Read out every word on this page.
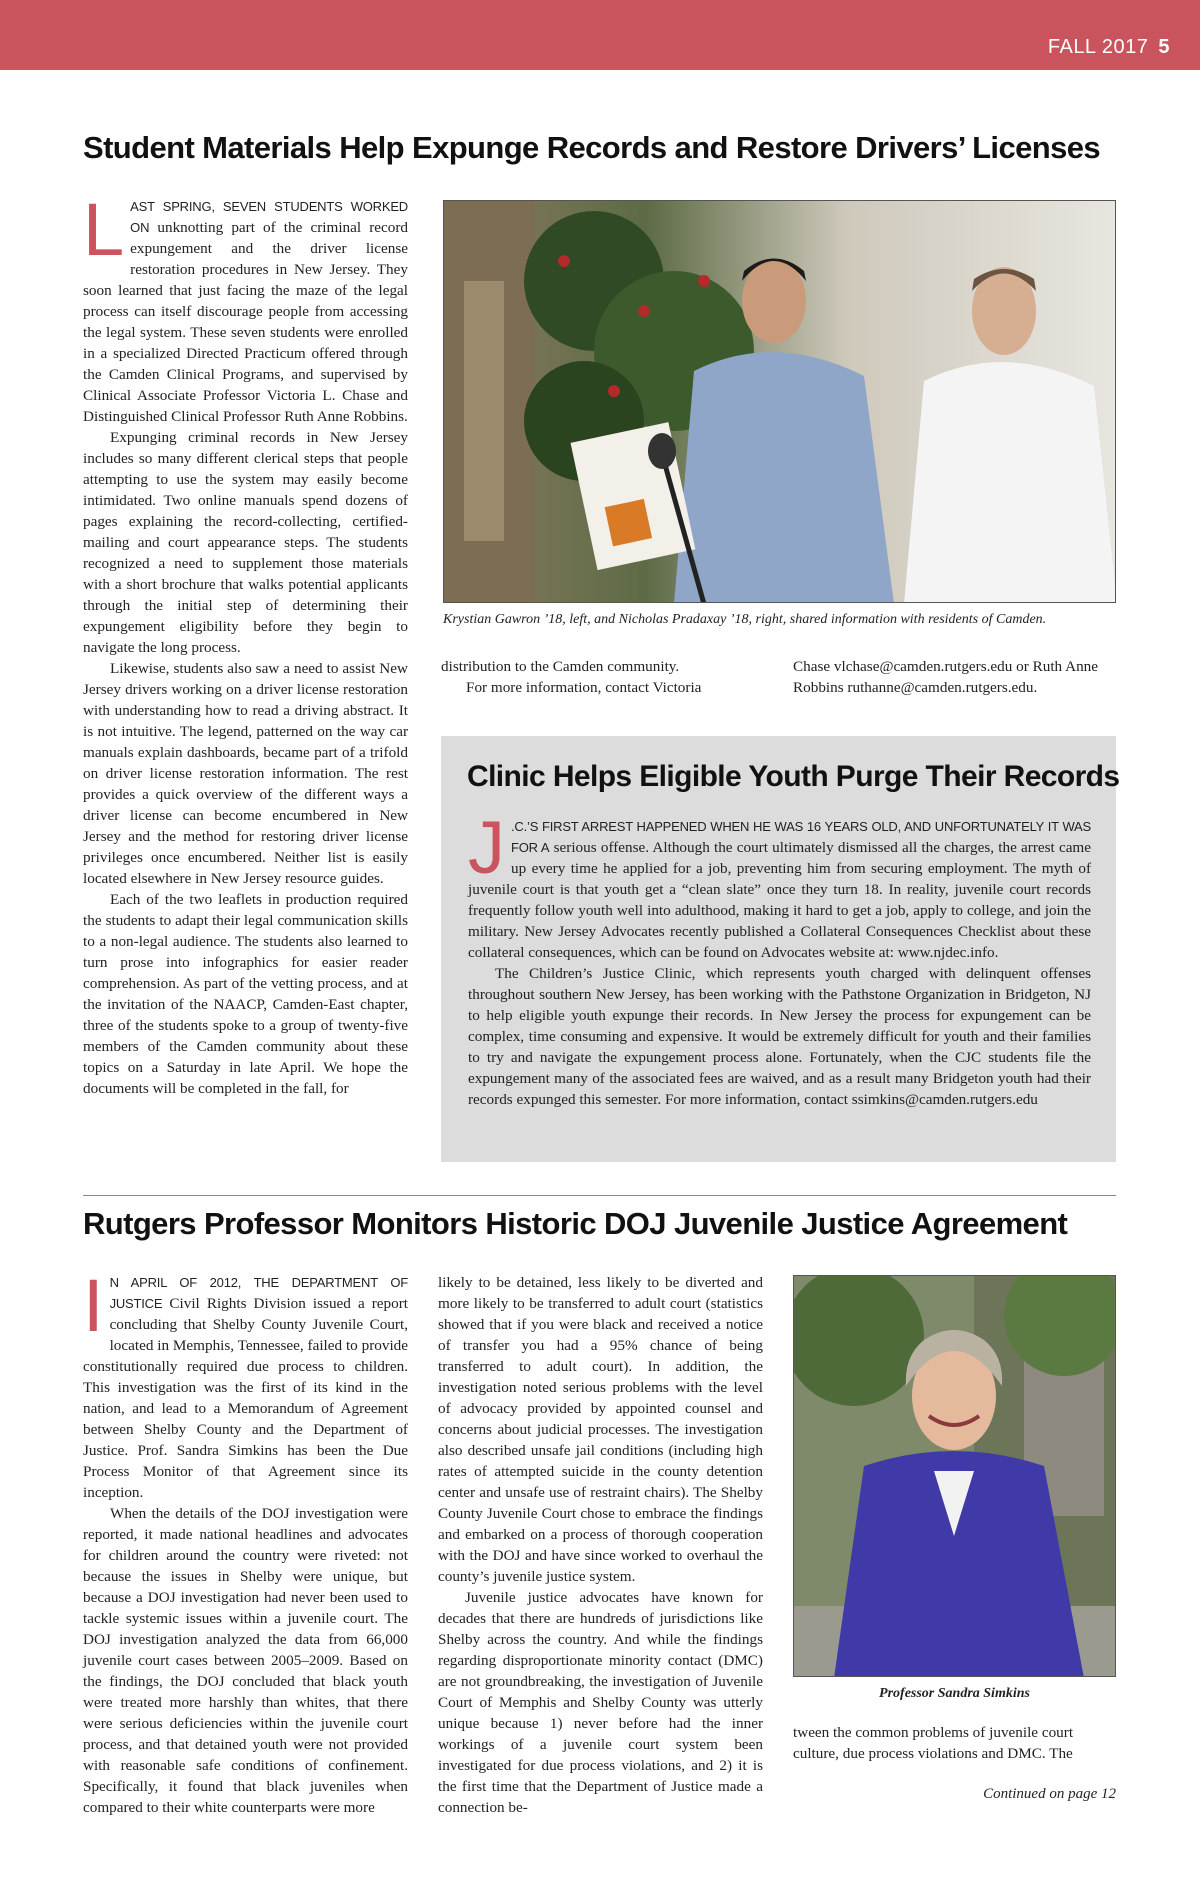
FALL 2017 5
Student Materials Help Expunge Records and Restore Drivers’ Licenses

LAST SPRING, SEVEN STUDENTS WORKED ON unknotting part of the criminal record expungement and the driver license restoration procedures in New Jersey. They soon learned that just facing the maze of the legal process can itself discourage people from accessing the legal system. These seven students were enrolled in a specialized Directed Practicum offered through the Camden Clinical Programs, and supervised by Clinical Associate Professor Victoria L. Chase and Distinguished Clinical Professor Ruth Anne Robbins.

Expunging criminal records in New Jersey includes so many different clerical steps that people attempting to use the system may easily become intimidated. Two online manuals spend dozens of pages explaining the record-collecting, certified-mailing and court appearance steps. The students recognized a need to supplement those materials with a short brochure that walks potential applicants through the initial step of determining their expungement eligibility before they begin to navigate the long process.

Likewise, students also saw a need to assist New Jersey drivers working on a driver license restoration with understanding how to read a driving abstract. It is not intuitive. The legend, patterned on the way car manuals explain dashboards, became part of a trifold on driver license restoration information. The rest provides a quick overview of the different ways a driver license can become encumbered in New Jersey and the method for restoring driver license privileges once encumbered. Neither list is easily located elsewhere in New Jersey resource guides.

Each of the two leaflets in production required the students to adapt their legal communication skills to a non-legal audience. The students also learned to turn prose into infographics for easier reader comprehension. As part of the vetting process, and at the invitation of the NAACP, Camden-East chapter, three of the students spoke to a group of twenty-five members of the Camden community about these topics on a Saturday in late April. We hope the documents will be completed in the fall, for

Krystian Gawron ’18, left, and Nicholas Pradaxay ’18, right, shared information with residents of Camden.

distribution to the Camden community.

For more information, contact Victoria

Chase vlchase@camden.rutgers.edu or Ruth Anne Robbins ruthanne@camden.rutgers.edu.

Clinic Helps Eligible Youth Purge Their Records

J .C.’S FIRST ARREST HAPPENED WHEN HE WAS 16 YEARS OLD, AND UNFORTUNATELY IT WAS FOR A serious offense. Although the court ultimately dismissed all the charges, the arrest came up every time he applied for a job, preventing him from securing employment. The myth of juvenile court is that youth get a “clean slate” once they turn 18. In reality, juvenile court records frequently follow youth well into adulthood, making it hard to get a job, apply to college, and join the military. New Jersey Advocates recently published a Collateral Consequences Checklist about these collateral consequences, which can be found on Advocates website at: www.njdec.info.

The Children’s Justice Clinic, which represents youth charged with delinquent offenses throughout southern New Jersey, has been working with the Pathstone Organization in Bridgeton, NJ to help eligible youth expunge their records. In New Jersey the process for expungement can be complex, time consuming and expensive. It would be extremely difficult for youth and their families to try and navigate the expungement process alone. Fortunately, when the CJC students file the expungement many of the associated fees are waived, and as a result many Bridgeton youth had their records expunged this semester. For more information, contact ssimkins@camden.rutgers.edu

Rutgers Professor Monitors Historic DOJ Juvenile Justice Agreement

I N APRIL OF 2012, THE DEPARTMENT OF JUSTICE Civil Rights Division issued a report concluding that Shelby County Juvenile Court, located in Memphis, Tennessee, failed to provide constitutionally required due process to children. This investigation was the first of its kind in the nation, and lead to a Memorandum of Agreement between Shelby County and the Department of Justice. Prof. Sandra Simkins has been the Due Process Monitor of that Agreement since its inception.

When the details of the DOJ investigation were reported, it made national headlines and advocates for children around the country were riveted: not because the issues in Shelby were unique, but because a DOJ investigation had never been used to tackle systemic issues within a juvenile court. The DOJ investigation analyzed the data from 66,000 juvenile court cases between 2005–2009. Based on the findings, the DOJ concluded that black youth were treated more harshly than whites, that there were serious deficiencies within the juvenile court process, and that detained youth were not provided with reasonable safe conditions of confinement. Specifically, it found that black juveniles when compared to their white counterparts were more

likely to be detained, less likely to be diverted and more likely to be transferred to adult court (statistics showed that if you were black and received a notice of transfer you had a 95% chance of being transferred to adult court). In addition, the investigation noted serious problems with the level of advocacy provided by appointed counsel and concerns about judicial processes. The investigation also described unsafe jail conditions (including high rates of attempted suicide in the county detention center and unsafe use of restraint chairs). The Shelby County Juvenile Court chose to embrace the findings and embarked on a process of thorough cooperation with the DOJ and have since worked to overhaul the county’s juvenile justice system.

Juvenile justice advocates have known for decades that there are hundreds of jurisdictions like Shelby across the country. And while the findings regarding disproportionate minority contact (DMC) are not groundbreaking, the investigation of Juvenile Court of Memphis and Shelby County was utterly unique because 1) never before had the inner workings of a juvenile court system been investigated for due process violations, and 2) it is the first time that the Department of Justice made a connection be-

Professor Sandra Simkins

tween the common problems of juvenile court culture, due process violations and DMC. The

Continued on page 12
